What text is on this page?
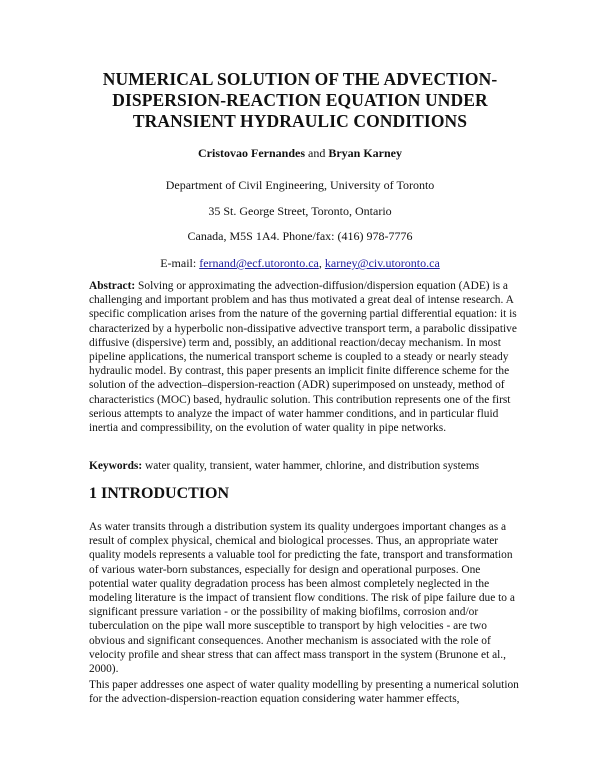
NUMERICAL SOLUTION OF THE ADVECTION-
DISPERSION-REACTION EQUATION UNDER
TRANSIENT HYDRAULIC CONDITIONS
Cristovao Fernandes and Bryan Karney
Department of Civil Engineering, University of Toronto
35 St. George Street, Toronto, Ontario
Canada, M5S 1A4. Phone/fax: (416) 978-7776
E-mail: fernand@ecf.utoronto.ca, karney@civ.utoronto.ca
Abstract: Solving or approximating the advection-diffusion/dispersion equation (ADE) is a challenging and important problem and has thus motivated a great deal of intense research. A specific complication arises from the nature of the governing partial differential equation: it is characterized by a hyperbolic non-dissipative advective transport term, a parabolic dissipative diffusive (dispersive) term and, possibly, an additional reaction/decay mechanism. In most pipeline applications, the numerical transport scheme is coupled to a steady or nearly steady hydraulic model. By contrast, this paper presents an implicit finite difference scheme for the solution of the advection–dispersion-reaction (ADR) superimposed on unsteady, method of characteristics (MOC) based, hydraulic solution. This contribution represents one of the first serious attempts to analyze the impact of water hammer conditions, and in particular fluid inertia and compressibility, on the evolution of water quality in pipe networks.
Keywords: water quality, transient, water hammer, chlorine, and distribution systems
1 INTRODUCTION
As water transits through a distribution system its quality undergoes important changes as a result of complex physical, chemical and biological processes. Thus, an appropriate water quality models represents a valuable tool for predicting the fate, transport and transformation of various water-born substances, especially for design and operational purposes. One potential water quality degradation process has been almost completely neglected in the modeling literature is the impact of transient flow conditions. The risk of pipe failure due to a significant pressure variation - or the possibility of making biofilms, corrosion and/or tuberculation on the pipe wall more susceptible to transport by high velocities - are two obvious and significant consequences. Another mechanism is associated with the role of velocity profile and shear stress that can affect mass transport in the system (Brunone et al., 2000).
This paper addresses one aspect of water quality modelling by presenting a numerical solution for the advection-dispersion-reaction equation considering water hammer effects,
